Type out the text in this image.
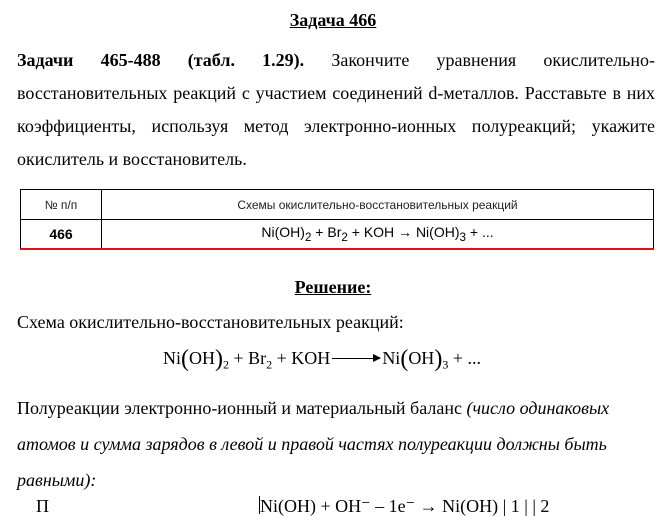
Задача 466
Задачи 465-488 (табл. 1.29). Закончите уравнения окислительно-восстановительных реакций с участием соединений d-металлов. Расставьте в них коэффициенты, используя метод электронно-ионных полуреакций; укажите окислитель и восстановитель.
№ п/п	Схемы окислительно-восстановительных реакций
466	$Ni(OH)_2 + Br_2$ + KOH → $Ni(OH)_3$ + ...
Решение:
Схема окислительно-восстановительных реакций:
$Ni(OH)_2 + Br_2$ + KOH → $Ni(OH)_3$ + ...
Полуреакции электронно-ионный и материальный баланс (число одинаковых атомов и сумма зарядов в левой и правой частях полуреакции должны быть равными):
П	Ni(OH) + OH⁻ – 1e⁻ → Ni(OH) | 1 | | 2
